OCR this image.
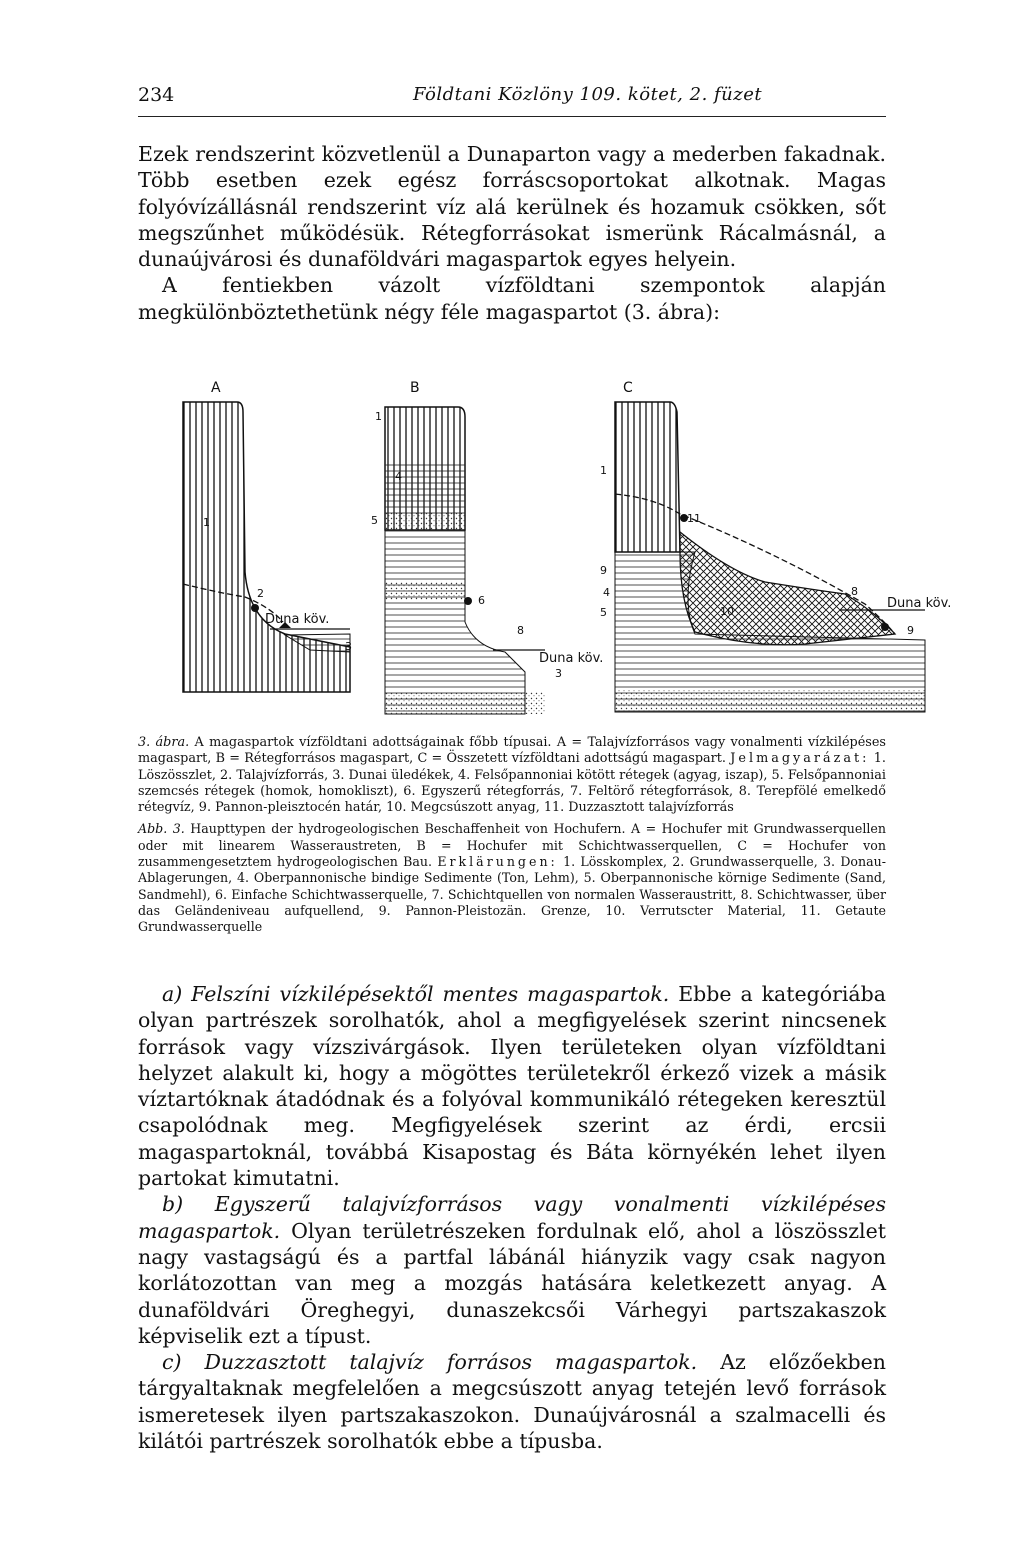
234	Földtani Közlöny 109. kötet, 2. füzet

Ezek rendszerint közvetlenül a Dunaparton vagy a mederben fakadnak. Több esetben ezek egész forráscsoportokat alkotnak. Magas folyóvízállásnál rendszerint víz alá kerülnek és hozamuk csökken, sőt megszűnhet működésük. Rétegforrásokat ismerünk Rácalmásnál, a dunaújvárosi és dunaföldvári magaspartok egyes helyein.

A fentiekben vázolt vízföldtani szempontok alapján megkülönböztethetünk négy féle magaspartot (3. ábra):

A
1
2
3
Duna köv.
B
1
4
5
6
8
3
Duna köv.
C
1
11
9
4
5	10
8
9
Duna köv.

3. ábra. A magaspartok vízföldtani adottságainak főbb típusai. A = Talajvízforrásos vagy vonalmenti vízkilépéses magaspart, B = Rétegforrásos magaspart, C = Összetett vízföldtani adottságú magaspart. Jelmagyarázat: 1. Löszösszlet, 2. Talajvízforrás, 3. Dunai üledékek, 4. Felsőpannoniai kötött rétegek (agyag, iszap), 5. Felsőpannoniai szemcsés rétegek (homok, homokliszt), 6. Egyszerű rétegforrás, 7. Feltörő rétegforrások, 8. Terepfölé emelkedő rétegvíz, 9. Pannon-pleisztocén határ, 10. Megcsúszott anyag, 11. Duzzasztott talajvízforrás

Abb. 3. Haupttypen der hydrogeologischen Beschaffenheit von Hochufern. A = Hochufer mit Grundwasserquellen oder mit linearem Wasseraustreten, B = Hochufer mit Schichtwasserquellen, C = Hochufer von zusammengesetztem hydrogeologischen Bau. Erklärungen: 1. Lösskomplex, 2. Grundwasserquelle, 3. Donau-Ablagerungen, 4. Oberpannonische bindige Sedimente (Ton, Lehm), 5. Oberpannonische körnige Sedimente (Sand, Sandmehl), 6. Einfache Schichtwasserquelle, 7. Schichtquellen von normalen Wasseraustritt, 8. Schichtwasser, über das Geländeniveau aufquellend, 9. Pannon-Pleistozän. Grenze, 10. Verrutscter Material, 11. Getaute Grundwasserquelle

a) Felszíni vízkilépésektől mentes magaspartok. Ebbe a kategóriába olyan partrészek sorolhatók, ahol a megfigyelések szerint nincsenek források vagy vízszivárgások. Ilyen területeken olyan vízföldtani helyzet alakult ki, hogy a mögöttes területekről érkező vizek a másik víztartóknak átadódnak és a folyóval kommunikáló rétegeken keresztül csapolódnak meg. Megfigyelések szerint az érdi, ercsii magaspartoknál, továbbá Kisapostag és Báta környékén lehet ilyen partokat kimutatni.

b) Egyszerű talajvízforrásos vagy vonalmenti vízkilépéses magaspartok. Olyan területrészeken fordulnak elő, ahol a löszösszlet nagy vastagságú és a partfal lábánál hiányzik vagy csak nagyon korlátozottan van meg a mozgás hatására keletkezett anyag. A dunaföldvári Öreghegyi, dunaszekcsői Várhegyi partszakaszok képviselik ezt a típust.

c) Duzzasztott talajvíz forrásos magaspartok. Az előzőekben tárgyaltaknak megfelelően a megcsúszott anyag tetején levő források ismeretesek ilyen partszakaszokon. Dunaújvárosnál a szalmacelli és kilátói partrészek sorolhatók ebbe a típusba.
